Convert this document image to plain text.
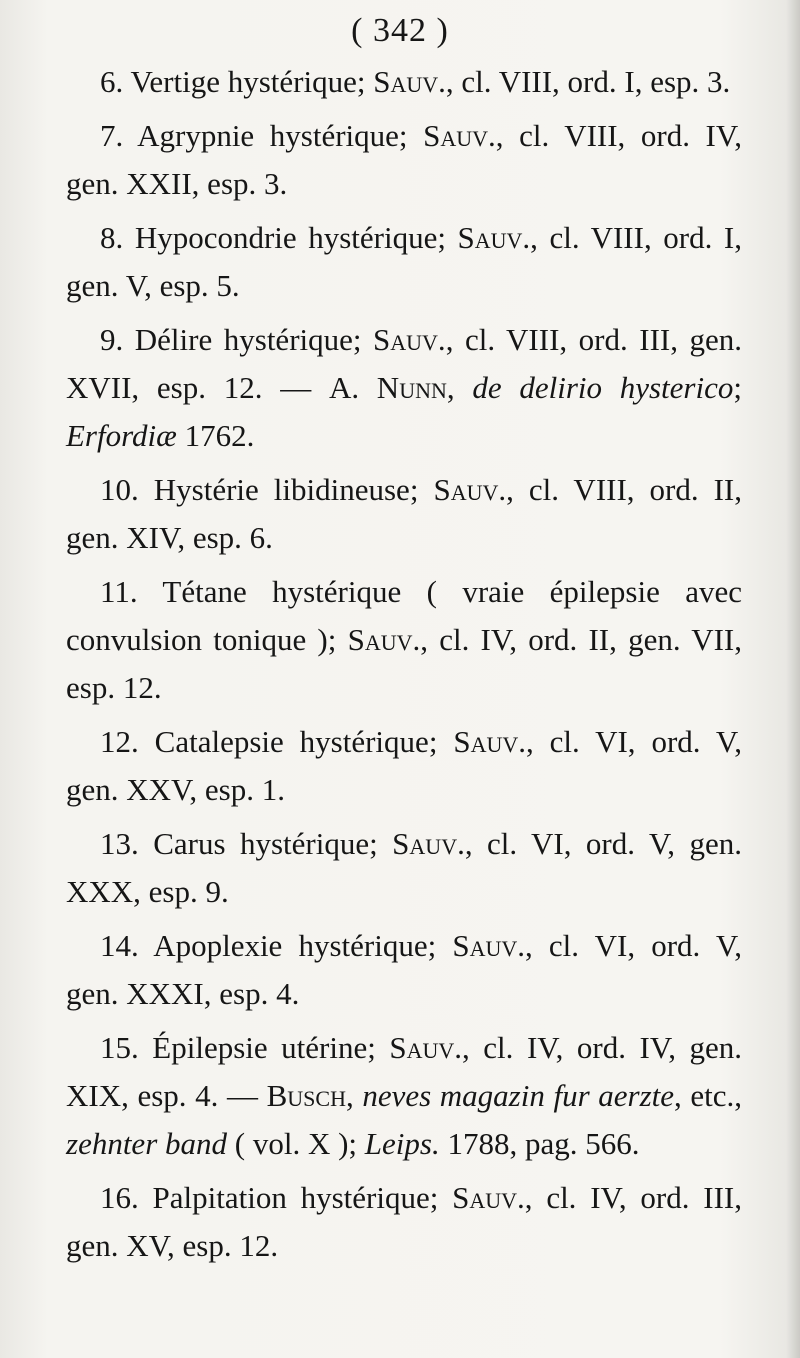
( 342 )

6. Vertige hystérique; Sauv., cl. VIII, ord. I, esp. 3.

7. Agrypnie hystérique; Sauv., cl. VIII, ord. IV, gen. XXII, esp. 3.

8. Hypocondrie hystérique; Sauv., cl. VIII, ord. I, gen. V, esp. 5.

9. Délire hystérique; Sauv., cl. VIII, ord. III, gen. XVII, esp. 12. — A. Nunn, de delirio hysterico; Erfordiæ 1762.

10. Hystérie libidineuse; Sauv., cl. VIII, ord. II, gen. XIV, esp. 6.

11. Tétane hystérique ( vraie épilepsie avec convulsion tonique ); Sauv., cl. IV, ord. II, gen. VII, esp. 12.

12. Catalepsie hystérique; Sauv., cl. VI, ord. V, gen. XXV, esp. 1.

13. Carus hystérique; Sauv., cl. VI, ord. V, gen. XXX, esp. 9.

14. Apoplexie hystérique; Sauv., cl. VI, ord. V, gen. XXXI, esp. 4.

15. Épilepsie utérine; Sauv., cl. IV, ord. IV, gen. XIX, esp. 4. — Busch, neves magazin fur aerzte, etc., zehnter band ( vol. X ); Leips. 1788, pag. 566.

16. Palpitation hystérique; Sauv., cl. IV, ord. III, gen. XV, esp. 12.
